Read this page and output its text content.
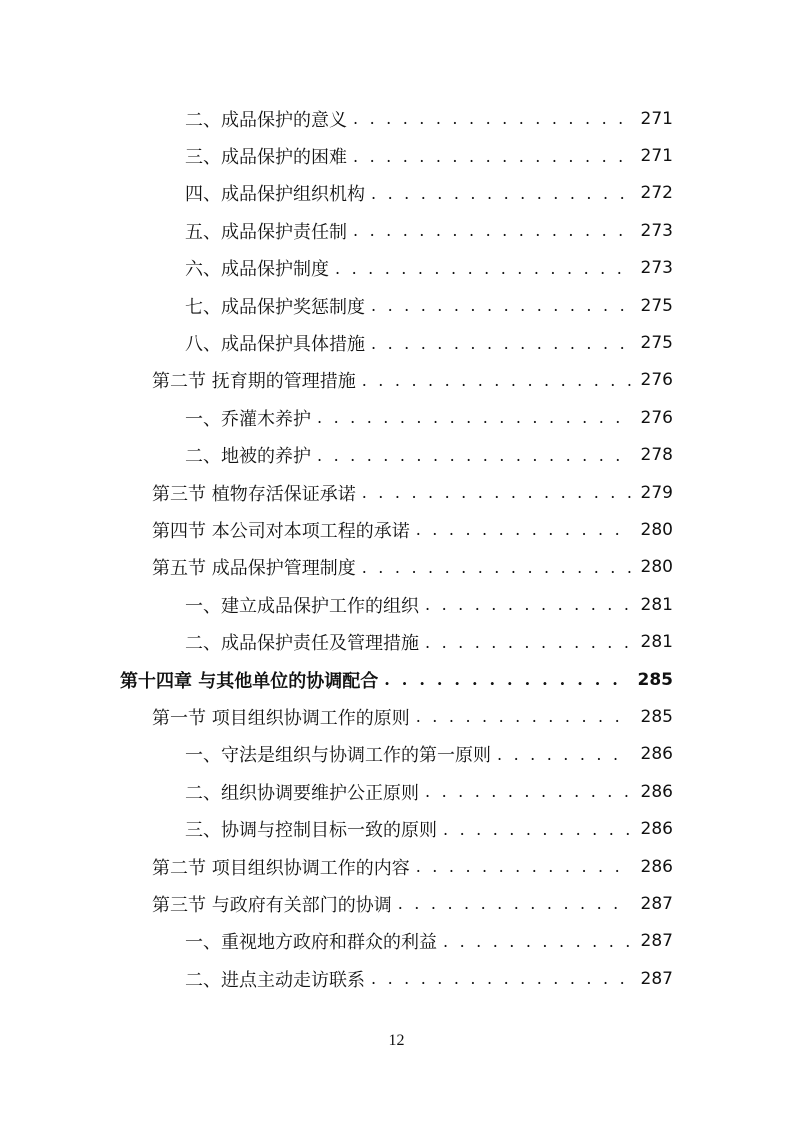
二、成品保护的意义 . . .	271
三、成品保护的困难 . . .	271
四、成品保护组织机构 . . .	272
五、成品保护责任制 . . .	273
六、成品保护制度 . . .	273
七、成品保护奖惩制度 . . .	275
八、成品保护具体措施 . . .	275
第二节 抚育期的管理措施 . . .	276
一、乔灌木养护 . . .	276
二、地被的养护 . . .	278
第三节 植物存活保证承诺 . . .	279
第四节 本公司对本项工程的承诺 . . .	280
第五节 成品保护管理制度 . . .	280
一、建立成品保护工作的组织 . . .	281
二、成品保护责任及管理措施 . . .	281
第十四章 与其他单位的协调配合 . . .	285
第一节 项目组织协调工作的原则 . . .	285
一、守法是组织与协调工作的第一原则 . . .	286
二、组织协调要维护公正原则 . . .	286
三、协调与控制目标一致的原则 . . .	286
第二节 项目组织协调工作的内容 . . .	286
第三节 与政府有关部门的协调 . . .	287
一、重视地方政府和群众的利益 . . .	287
二、进点主动走访联系 . . .	287
12
